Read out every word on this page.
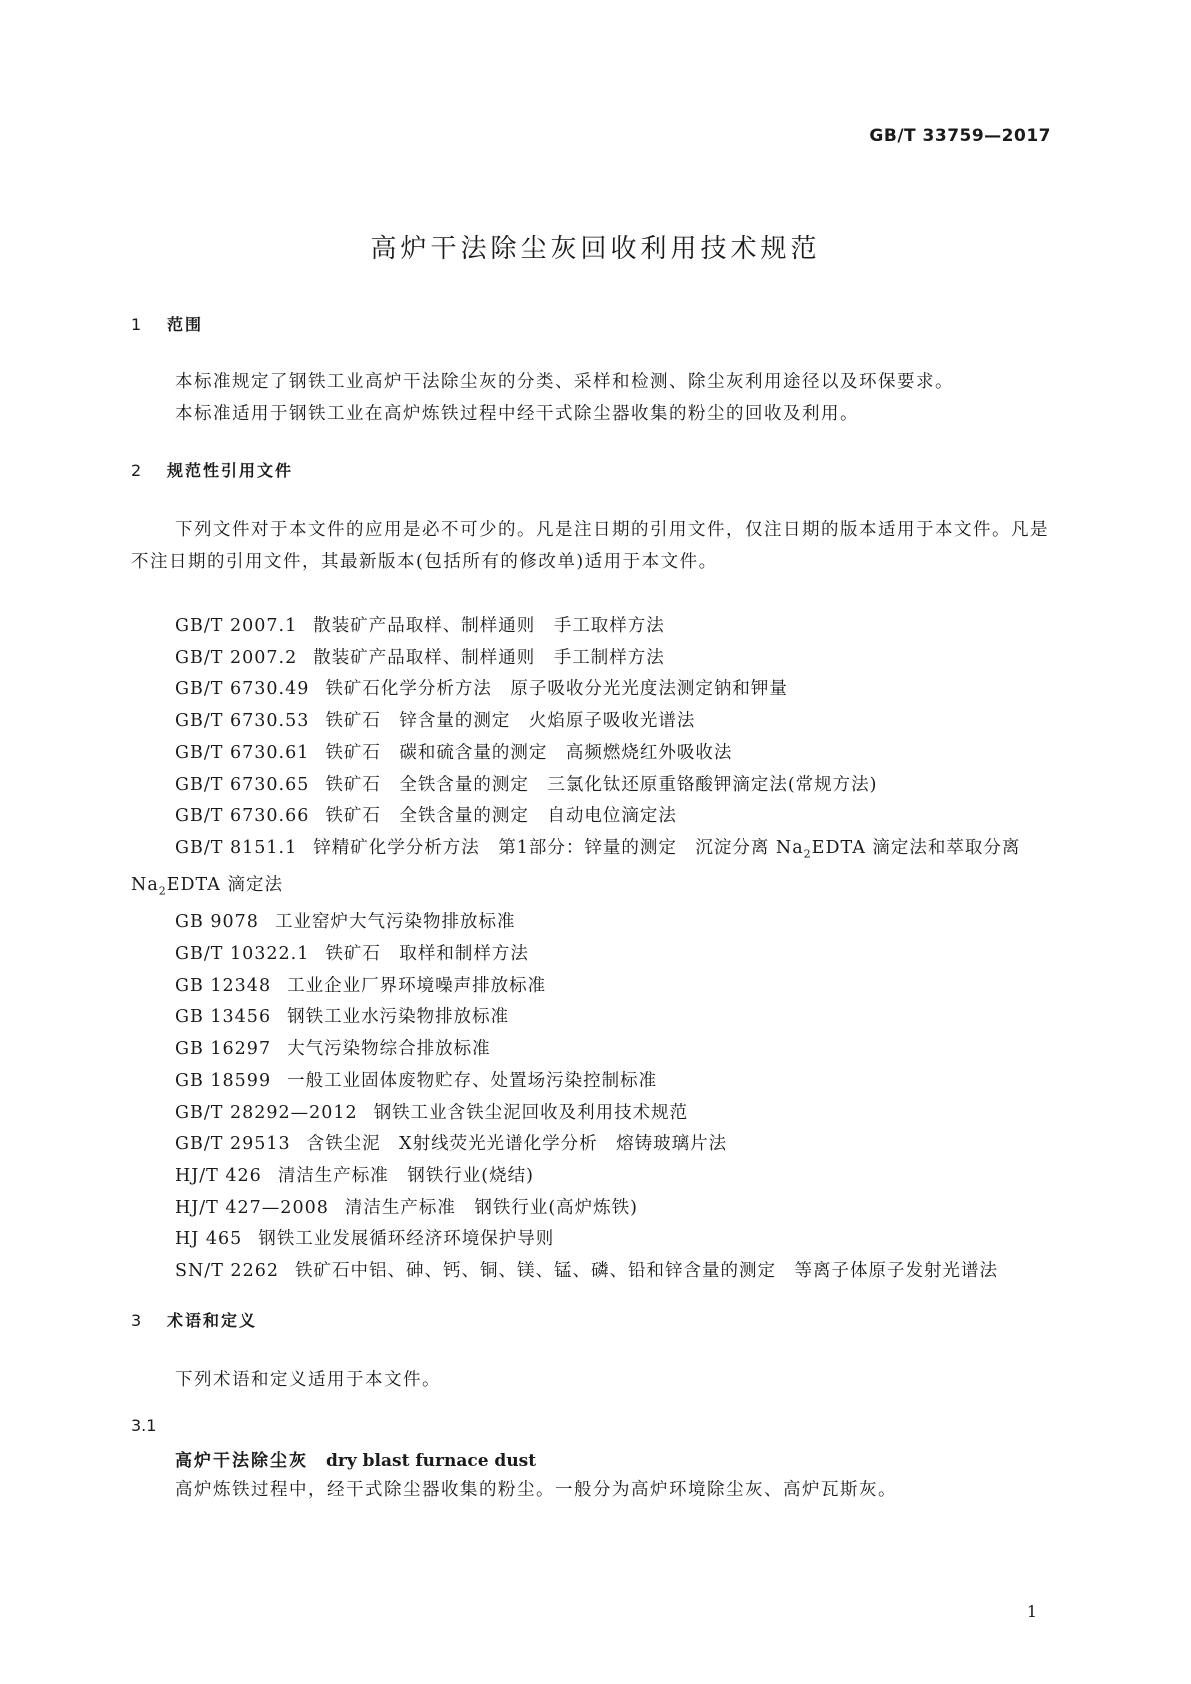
GB/T 33759—2017
高炉干法除尘灰回收利用技术规范
1 范围

本标准规定了钢铁工业高炉干法除尘灰的分类、采样和检测、除尘灰利用途径以及环保要求。

本标准适用于钢铁工业在高炉炼铁过程中经干式除尘器收集的粉尘的回收及利用。

2 规范性引用文件

下列文件对于本文件的应用是必不可少的。凡是注日期的引用文件，仅注日期的版本适用于本文件。凡是不注日期的引用文件，其最新版本(包括所有的修改单)适用于本文件。

GB/T 2007.1 散装矿产品取样、制样通则　手工取样方法
GB/T 2007.2 散装矿产品取样、制样通则　手工制样方法
GB/T 6730.49 铁矿石化学分析方法　原子吸收分光光度法测定钠和钾量
GB/T 6730.53 铁矿石　锌含量的测定　火焰原子吸收光谱法
GB/T 6730.61 铁矿石　碳和硫含量的测定　高频燃烧红外吸收法
GB/T 6730.65 铁矿石　全铁含量的测定　三氯化钛还原重铬酸钾滴定法(常规方法)
GB/T 6730.66 铁矿石　全铁含量的测定　自动电位滴定法
GB/T 8151.1 锌精矿化学分析方法　第1部分：锌量的测定　沉淀分离 $Na_2EDTA$ 滴定法和萃取分离 $Na_2EDTA$ 滴定法
GB 9078 工业窑炉大气污染物排放标准
GB/T 10322.1 铁矿石　取样和制样方法
GB 12348 工业企业厂界环境噪声排放标准
GB 13456 钢铁工业水污染物排放标准
GB 16297 大气污染物综合排放标准
GB 18599 一般工业固体废物贮存、处置场污染控制标准
GB/T 28292—2012 钢铁工业含铁尘泥回收及利用技术规范
GB/T 29513 含铁尘泥　X射线荧光光谱化学分析　熔铸玻璃片法
HJ/T 426 清洁生产标准　钢铁行业(烧结)
HJ/T 427—2008 清洁生产标准　钢铁行业(高炉炼铁)
HJ 465 钢铁工业发展循环经济环境保护导则
SN/T 2262 铁矿石中铝、砷、钙、铜、镁、锰、磷、铅和锌含量的测定　等离子体原子发射光谱法
3 术语和定义

下列术语和定义适用于本文件。

3.1
高炉干法除尘灰 dry blast furnace dust
高炉炼铁过程中，经干式除尘器收集的粉尘。一般分为高炉环境除尘灰、高炉瓦斯灰。
1
